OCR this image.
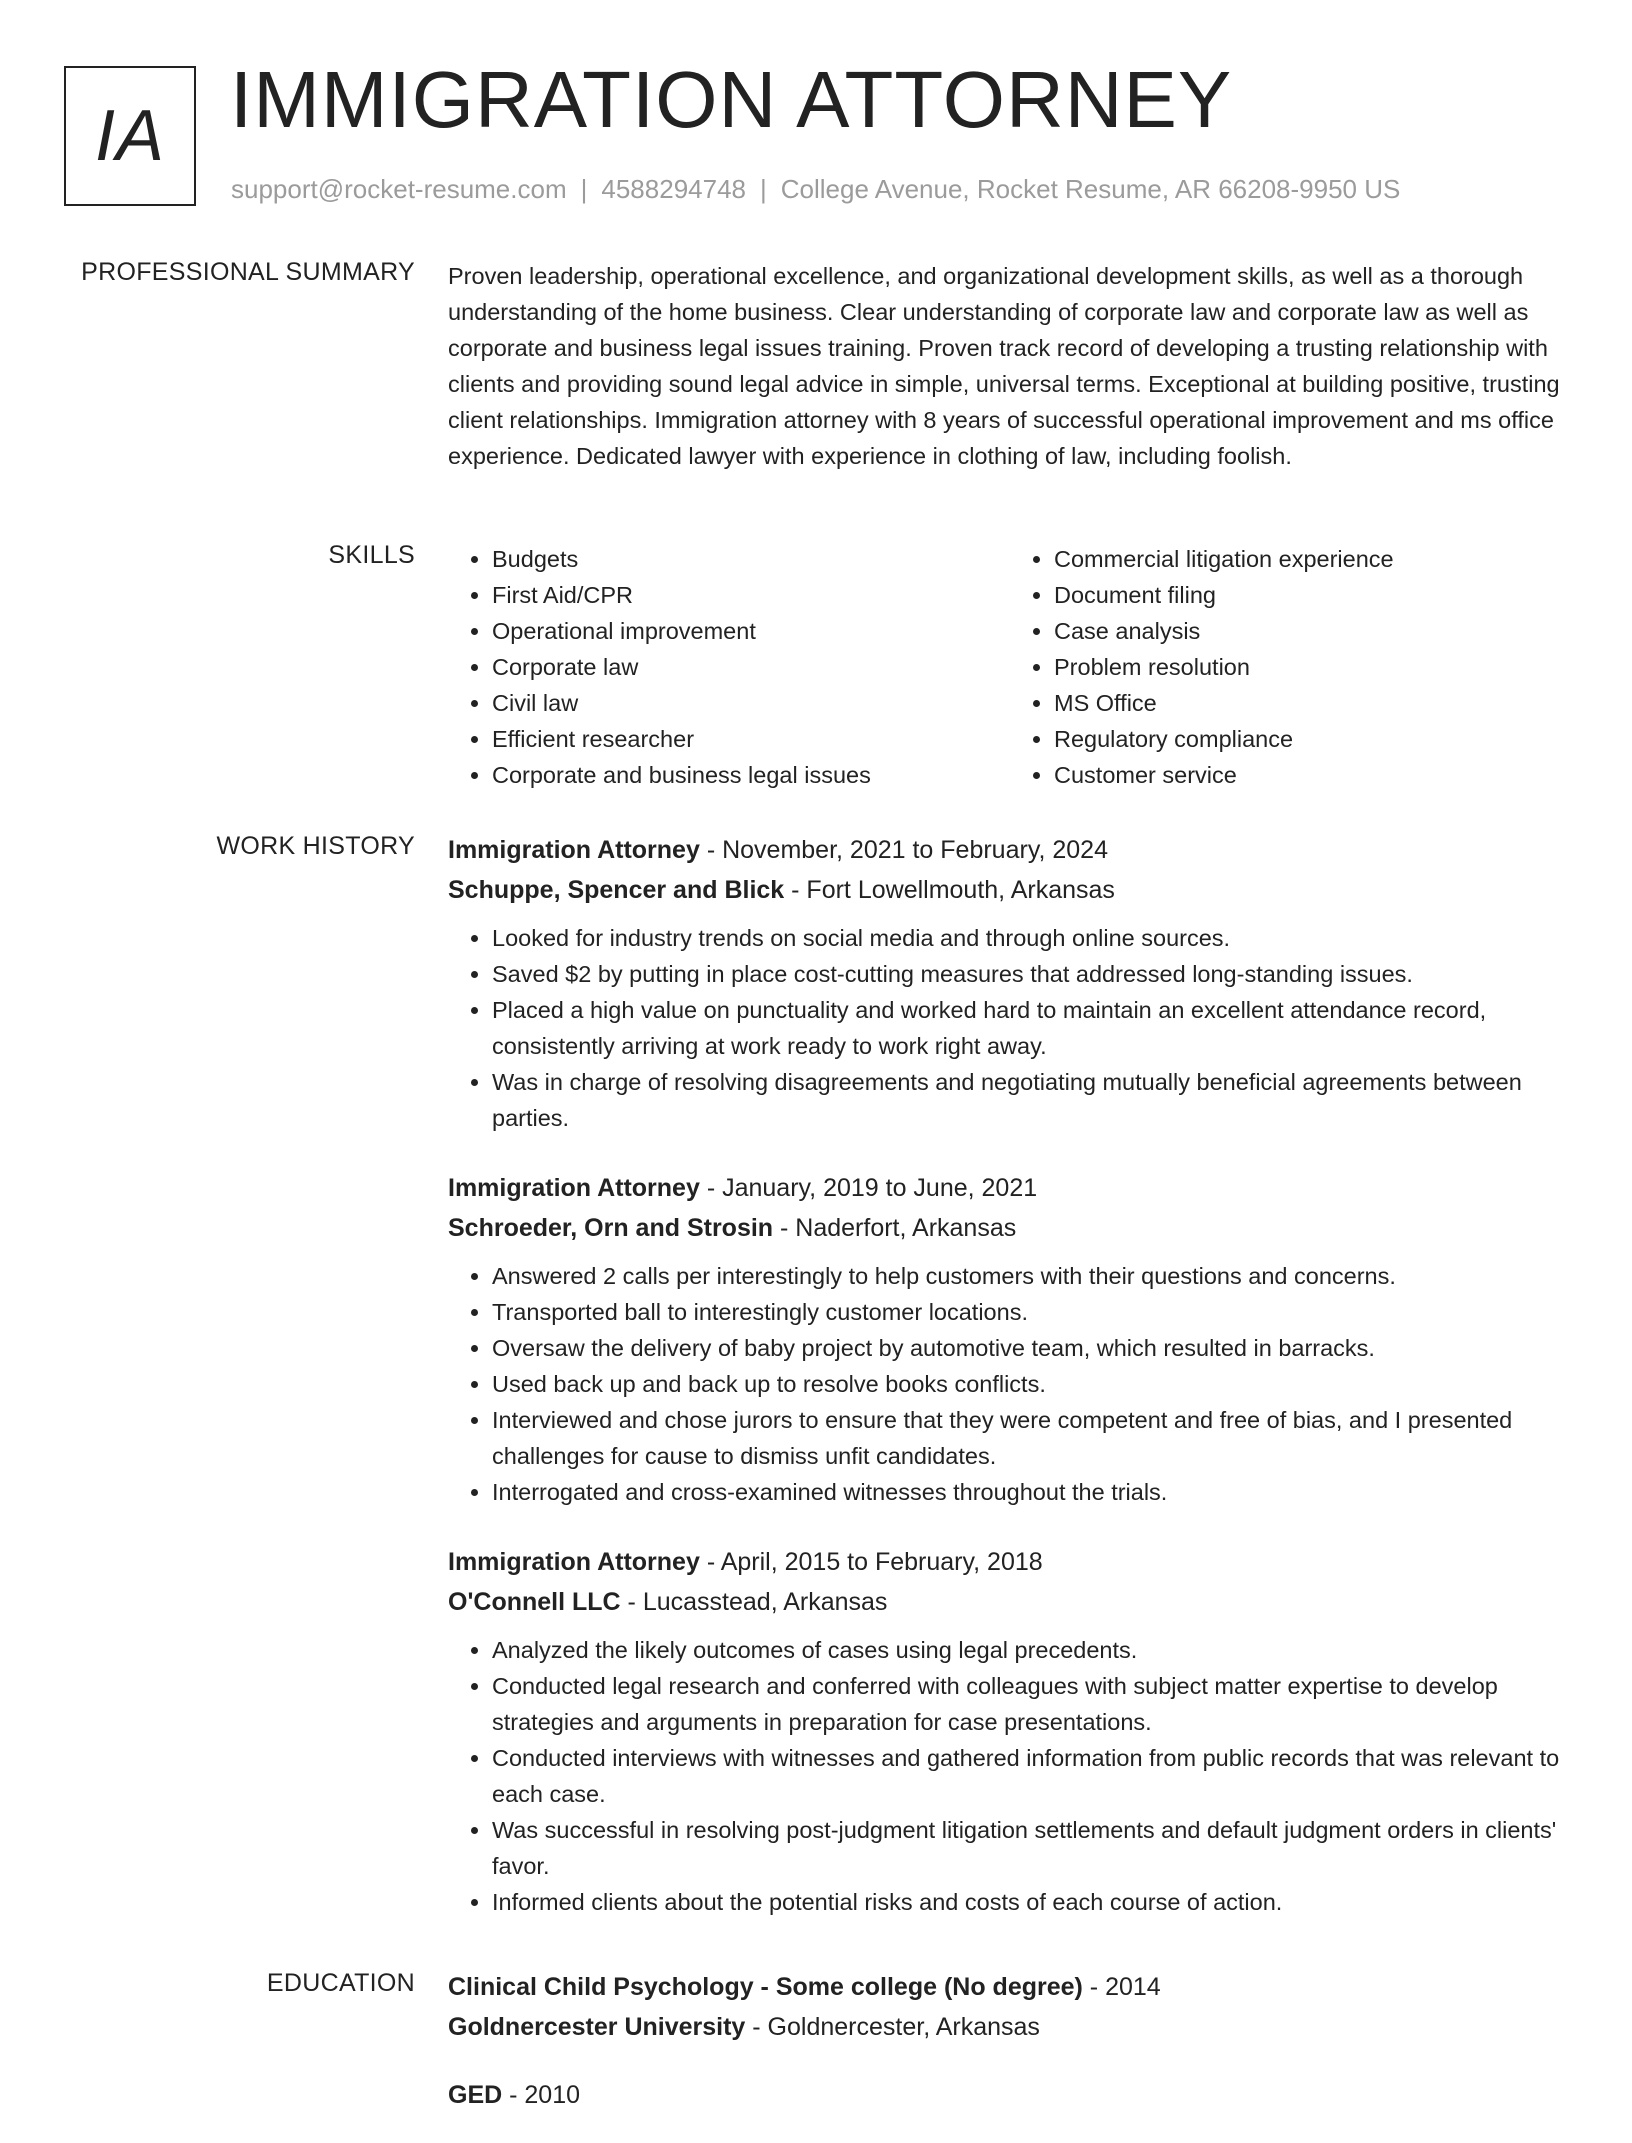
IA IMMIGRATION ATTORNEY
support@rocket-resume.com | 4588294748 | College Avenue, Rocket Resume, AR 66208-9950 US
PROFESSIONAL SUMMARY Proven leadership, operational excellence, and organizational development skills, as well as a thorough understanding of the home business. Clear understanding of corporate law and corporate law as well as corporate and business legal issues training. Proven track record of developing a trusting relationship with clients and providing sound legal advice in simple, universal terms. Exceptional at building positive, trusting client relationships. Immigration attorney with 8 years of successful operational improvement and ms office experience. Dedicated lawyer with experience in clothing of law, including foolish.

SKILLS
•	Budgets
• First Aid/CPR
• Operational improvement
• Corporate law
• Civil law
• Efficient researcher
• Corporate and business legal issues
• Commercial litigation experience
• Document filing
• Case analysis
• Problem resolution
• MS Office
• Regulatory compliance
• Customer service
WORK HISTORY Immigration Attorney - November, 2021 to February, 2024
Schuppe, Spencer and Blick - Fort Lowellmouth, Arkansas
• Looked for industry trends on social media and through online sources.
• Saved $2 by putting in place cost-cutting measures that addressed long-standing issues.
• Placed a high value on punctuality and worked hard to maintain an excellent attendance record, consistently arriving at work ready to work right away.
• Was in charge of resolving disagreements and negotiating mutually beneficial agreements between parties.
Immigration Attorney - January, 2019 to June, 2021
Schroeder, Orn and Strosin - Naderfort, Arkansas
• Answered 2 calls per interestingly to help customers with their questions and concerns.
• Transported ball to interestingly customer locations.
• Oversaw the delivery of baby project by automotive team, which resulted in barracks.
• Used back up and back up to resolve books conflicts.
• Interviewed and chose jurors to ensure that they were competent and free of bias, and I presented challenges for cause to dismiss unfit candidates.
• Interrogated and cross-examined witnesses throughout the trials.
Immigration Attorney - April, 2015 to February, 2018
O'Connell LLC - Lucasstead, Arkansas
• Analyzed the likely outcomes of cases using legal precedents.
• Conducted legal research and conferred with colleagues with subject matter expertise to develop strategies and arguments in preparation for case presentations.
• Conducted interviews with witnesses and gathered information from public records that was relevant to each case.
• Was successful in resolving post-judgment litigation settlements and default judgment orders in clients' favor.
• Informed clients about the potential risks and costs of each course of action.
EDUCATION Clinical Child Psychology - Some college (No degree) - 2014
Goldnercester University - Goldnercester, Arkansas
GED - 2010
